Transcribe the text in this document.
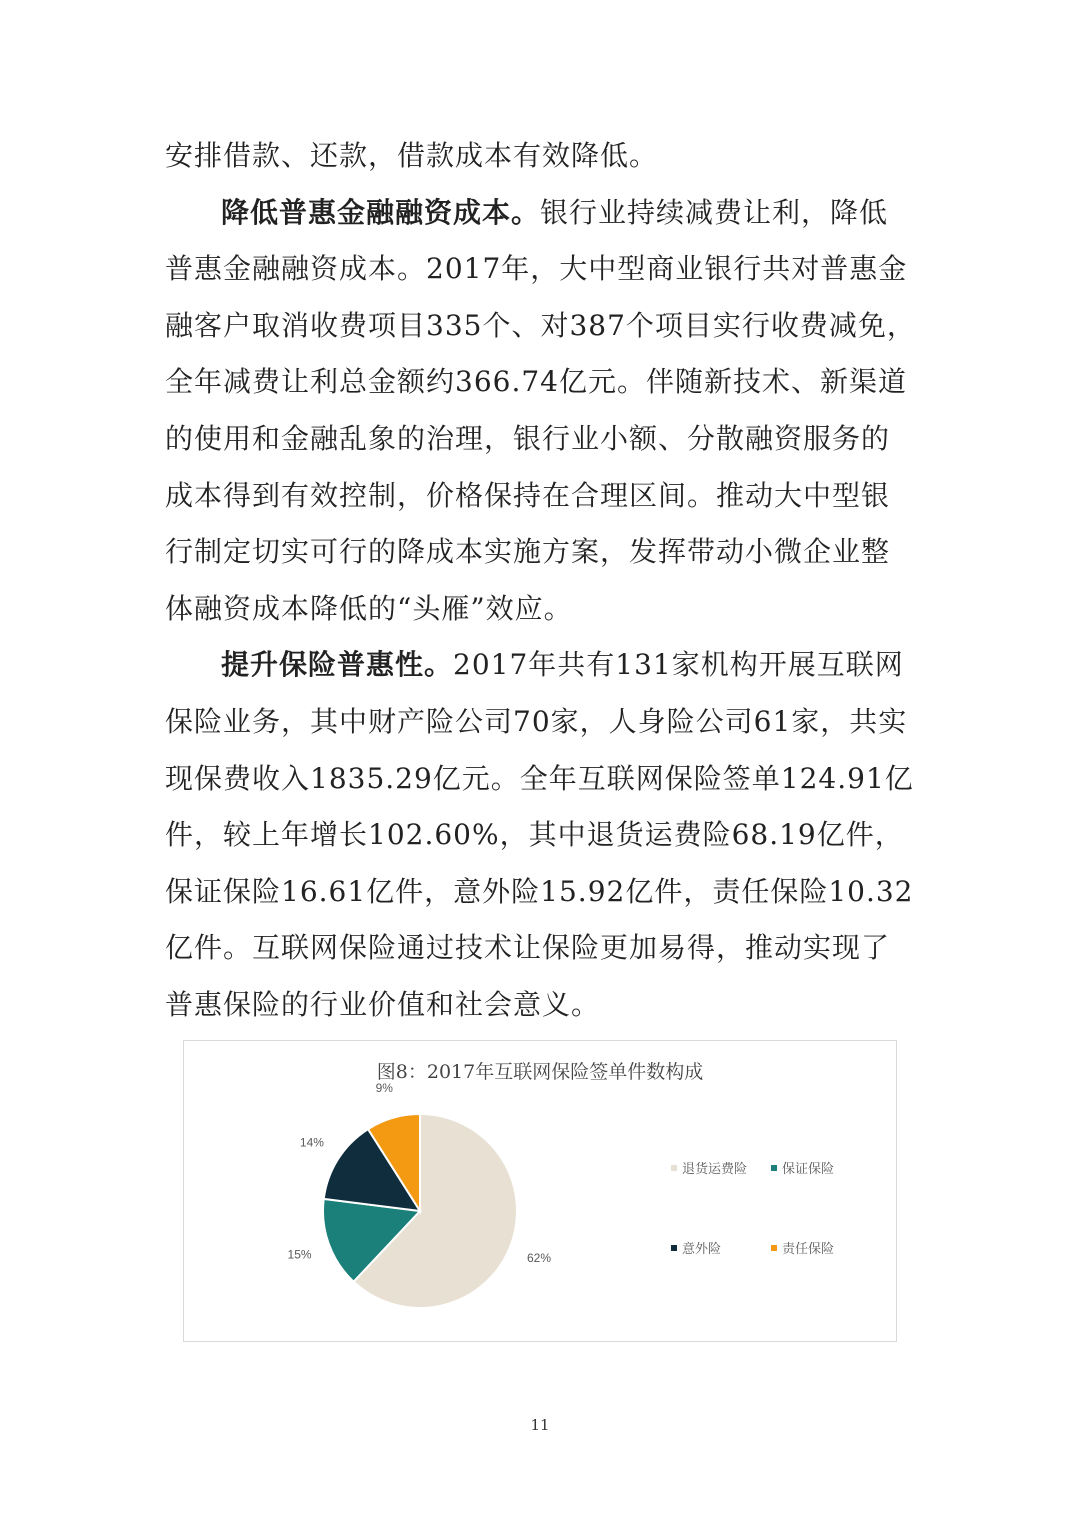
安排借款、还款，借款成本有效降低。

降低普惠金融融资成本。银行业持续减费让利，降低普惠金融融资成本。2017年，大中型商业银行共对普惠金融客户取消收费项目335个、对387个项目实行收费减免，全年减费让利总金额约366.74亿元。伴随新技术、新渠道的使用和金融乱象的治理，银行业小额、分散融资服务的成本得到有效控制，价格保持在合理区间。推动大中型银行制定切实可行的降成本实施方案，发挥带动小微企业整体融资成本降低的“头雁”效应。

提升保险普惠性。2017年共有131家机构开展互联网保险业务，其中财产险公司70家，人身险公司61家，共实现保费收入1835.29亿元。全年互联网保险签单124.91亿件，较上年增长102.60%，其中退货运费险68.19亿件，保证保险16.61亿件，意外险15.92亿件，责任保险10.32亿件。互联网保险通过技术让保险更加易得，推动实现了普惠保险的行业价值和社会意义。

图8：2017年互联网保险签单件数构成
62%
15%
14%
9%
退货运费险	保证保险
意外险	责任保险
11
